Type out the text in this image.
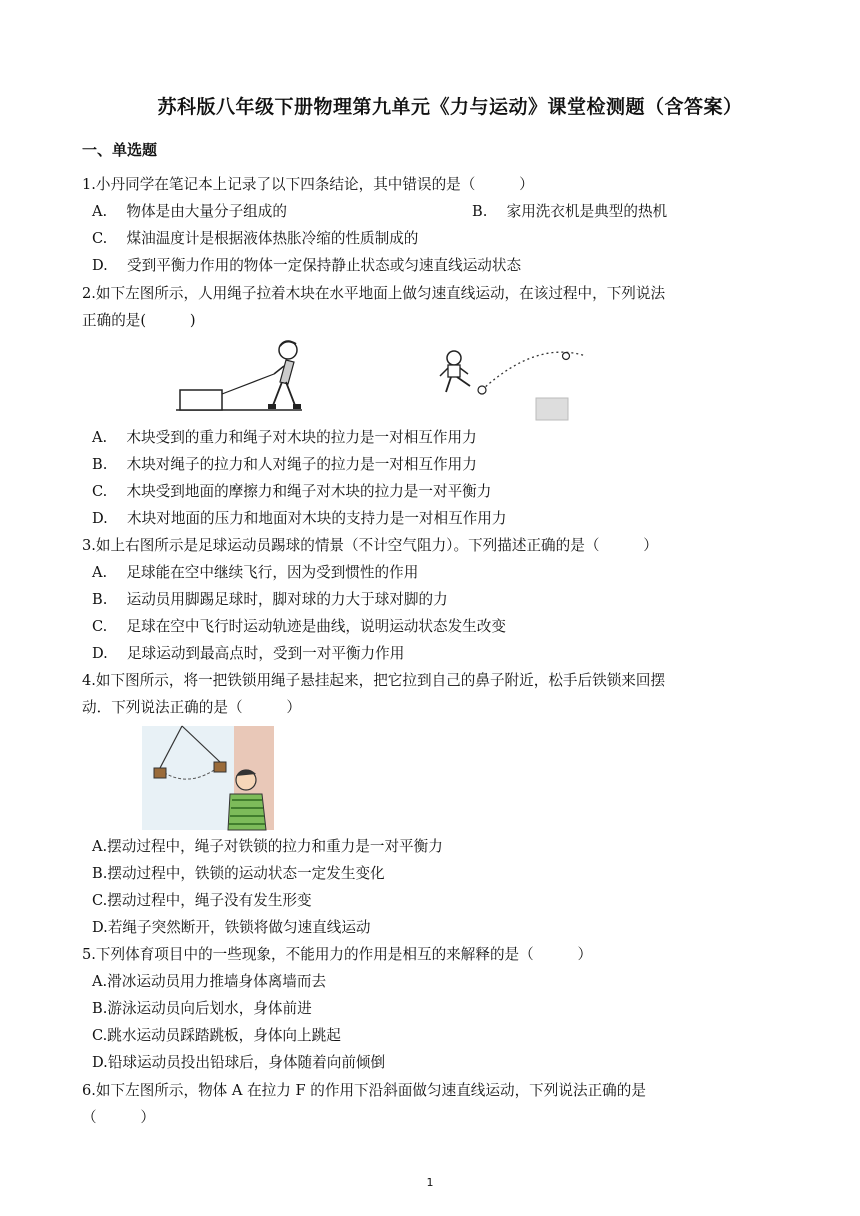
苏科版八年级下册物理第九单元《力与运动》课堂检测题（含答案）
一、单选题
1.小丹同学在笔记本上记录了以下四条结论，其中错误的是（　　　）
A.　 物体是由大量分子组成的	B.　 家用洗衣机是典型的热机
C.　 煤油温度计是根据液体热胀冷缩的性质制成的
D.　 受到平衡力作用的物体一定保持静止状态或匀速直线运动状态
2.如下左图所示，人用绳子拉着木块在水平地面上做匀速直线运动，在该过程中，下列说法
正确的是(　　　)
A.　 木块受到的重力和绳子对木块的拉力是一对相互作用力
B.　 木块对绳子的拉力和人对绳子的拉力是一对相互作用力
C.　 木块受到地面的摩擦力和绳子对木块的拉力是一对平衡力
D.　 木块对地面的压力和地面对木块的支持力是一对相互作用力
3.如上右图所示是足球运动员踢球的情景（不计空气阻力）。下列描述正确的是（　　　）
A.　 足球能在空中继续飞行，因为受到惯性的作用
B.　 运动员用脚踢足球时，脚对球的力大于球对脚的力
C.　 足球在空中飞行时运动轨迹是曲线，说明运动状态发生改变
D.　 足球运动到最高点时，受到一对平衡力作用
4.如下图所示，将一把铁锁用绳子悬挂起来，把它拉到自己的鼻子附近，松手后铁锁来回摆
动．下列说法正确的是（　　　）
A.摆动过程中，绳子对铁锁的拉力和重力是一对平衡力
B.摆动过程中，铁锁的运动状态一定发生变化
C.摆动过程中，绳子没有发生形变
D.若绳子突然断开，铁锁将做匀速直线运动
5.下列体育项目中的一些现象，不能用力的作用是相互的来解释的是（　　　）
A.滑冰运动员用力推墙身体离墙而去
B.游泳运动员向后划水，身体前进
C.跳水运动员踩踏跳板，身体向上跳起
D.铅球运动员投出铅球后，身体随着向前倾倒
6.如下左图所示，物体 A 在拉力 F 的作用下沿斜面做匀速直线运动，下列说法正确的是
（　　　）
1
